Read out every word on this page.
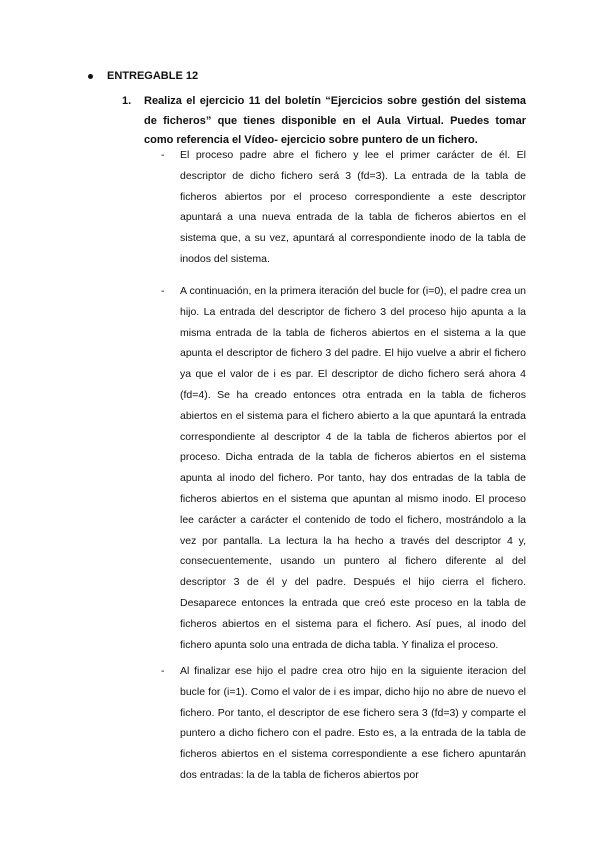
ENTREGABLE 12
1. Realiza el ejercicio 11 del boletín “Ejercicios sobre gestión del sistema de ficheros” que tienes disponible en el Aula Virtual. Puedes tomar como referencia el Vídeo- ejercicio sobre puntero de un fichero.
- El proceso padre abre el fichero y lee el primer carácter de él. El descriptor de dicho fichero será 3 (fd=3). La entrada de la tabla de ficheros abiertos por el proceso correspondiente a este descriptor apuntará a una nueva entrada de la tabla de ficheros abiertos en el sistema que, a su vez, apuntará al correspondiente inodo de la tabla de inodos del sistema.
- A continuación, en la primera iteración del bucle for (i=0), el padre crea un hijo. La entrada del descriptor de fichero 3 del proceso hijo apunta a la misma entrada de la tabla de ficheros abiertos en el sistema a la que apunta el descriptor de fichero 3 del padre. El hijo vuelve a abrir el fichero ya que el valor de i es par. El descriptor de dicho fichero será ahora 4 (fd=4). Se ha creado entonces otra entrada en la tabla de ficheros abiertos en el sistema para el fichero abierto a la que apuntará la entrada correspondiente al descriptor 4 de la tabla de ficheros abiertos por el proceso. Dicha entrada de la tabla de ficheros abiertos en el sistema apunta al inodo del fichero. Por tanto, hay dos entradas de la tabla de ficheros abiertos en el sistema que apuntan al mismo inodo. El proceso lee carácter a carácter el contenido de todo el fichero, mostrándolo a la vez por pantalla. La lectura la ha hecho a través del descriptor 4 y, consecuentemente, usando un puntero al fichero diferente al del descriptor 3 de él y del padre. Después el hijo cierra el fichero. Desaparece entonces la entrada que creó este proceso en la tabla de ficheros abiertos en el sistema para el fichero. Así pues, al inodo del fichero apunta solo una entrada de dicha tabla. Y finaliza el proceso.
- Al finalizar ese hijo el padre crea otro hijo en la siguiente iteracion del bucle for (i=1). Como el valor de i es impar, dicho hijo no abre de nuevo el fichero. Por tanto, el descriptor de ese fichero sera 3 (fd=3) y comparte el puntero a dicho fichero con el padre. Esto es, a la entrada de la tabla de ficheros abiertos en el sistema correspondiente a ese fichero apuntarán dos entradas: la de la tabla de ficheros abiertos por
